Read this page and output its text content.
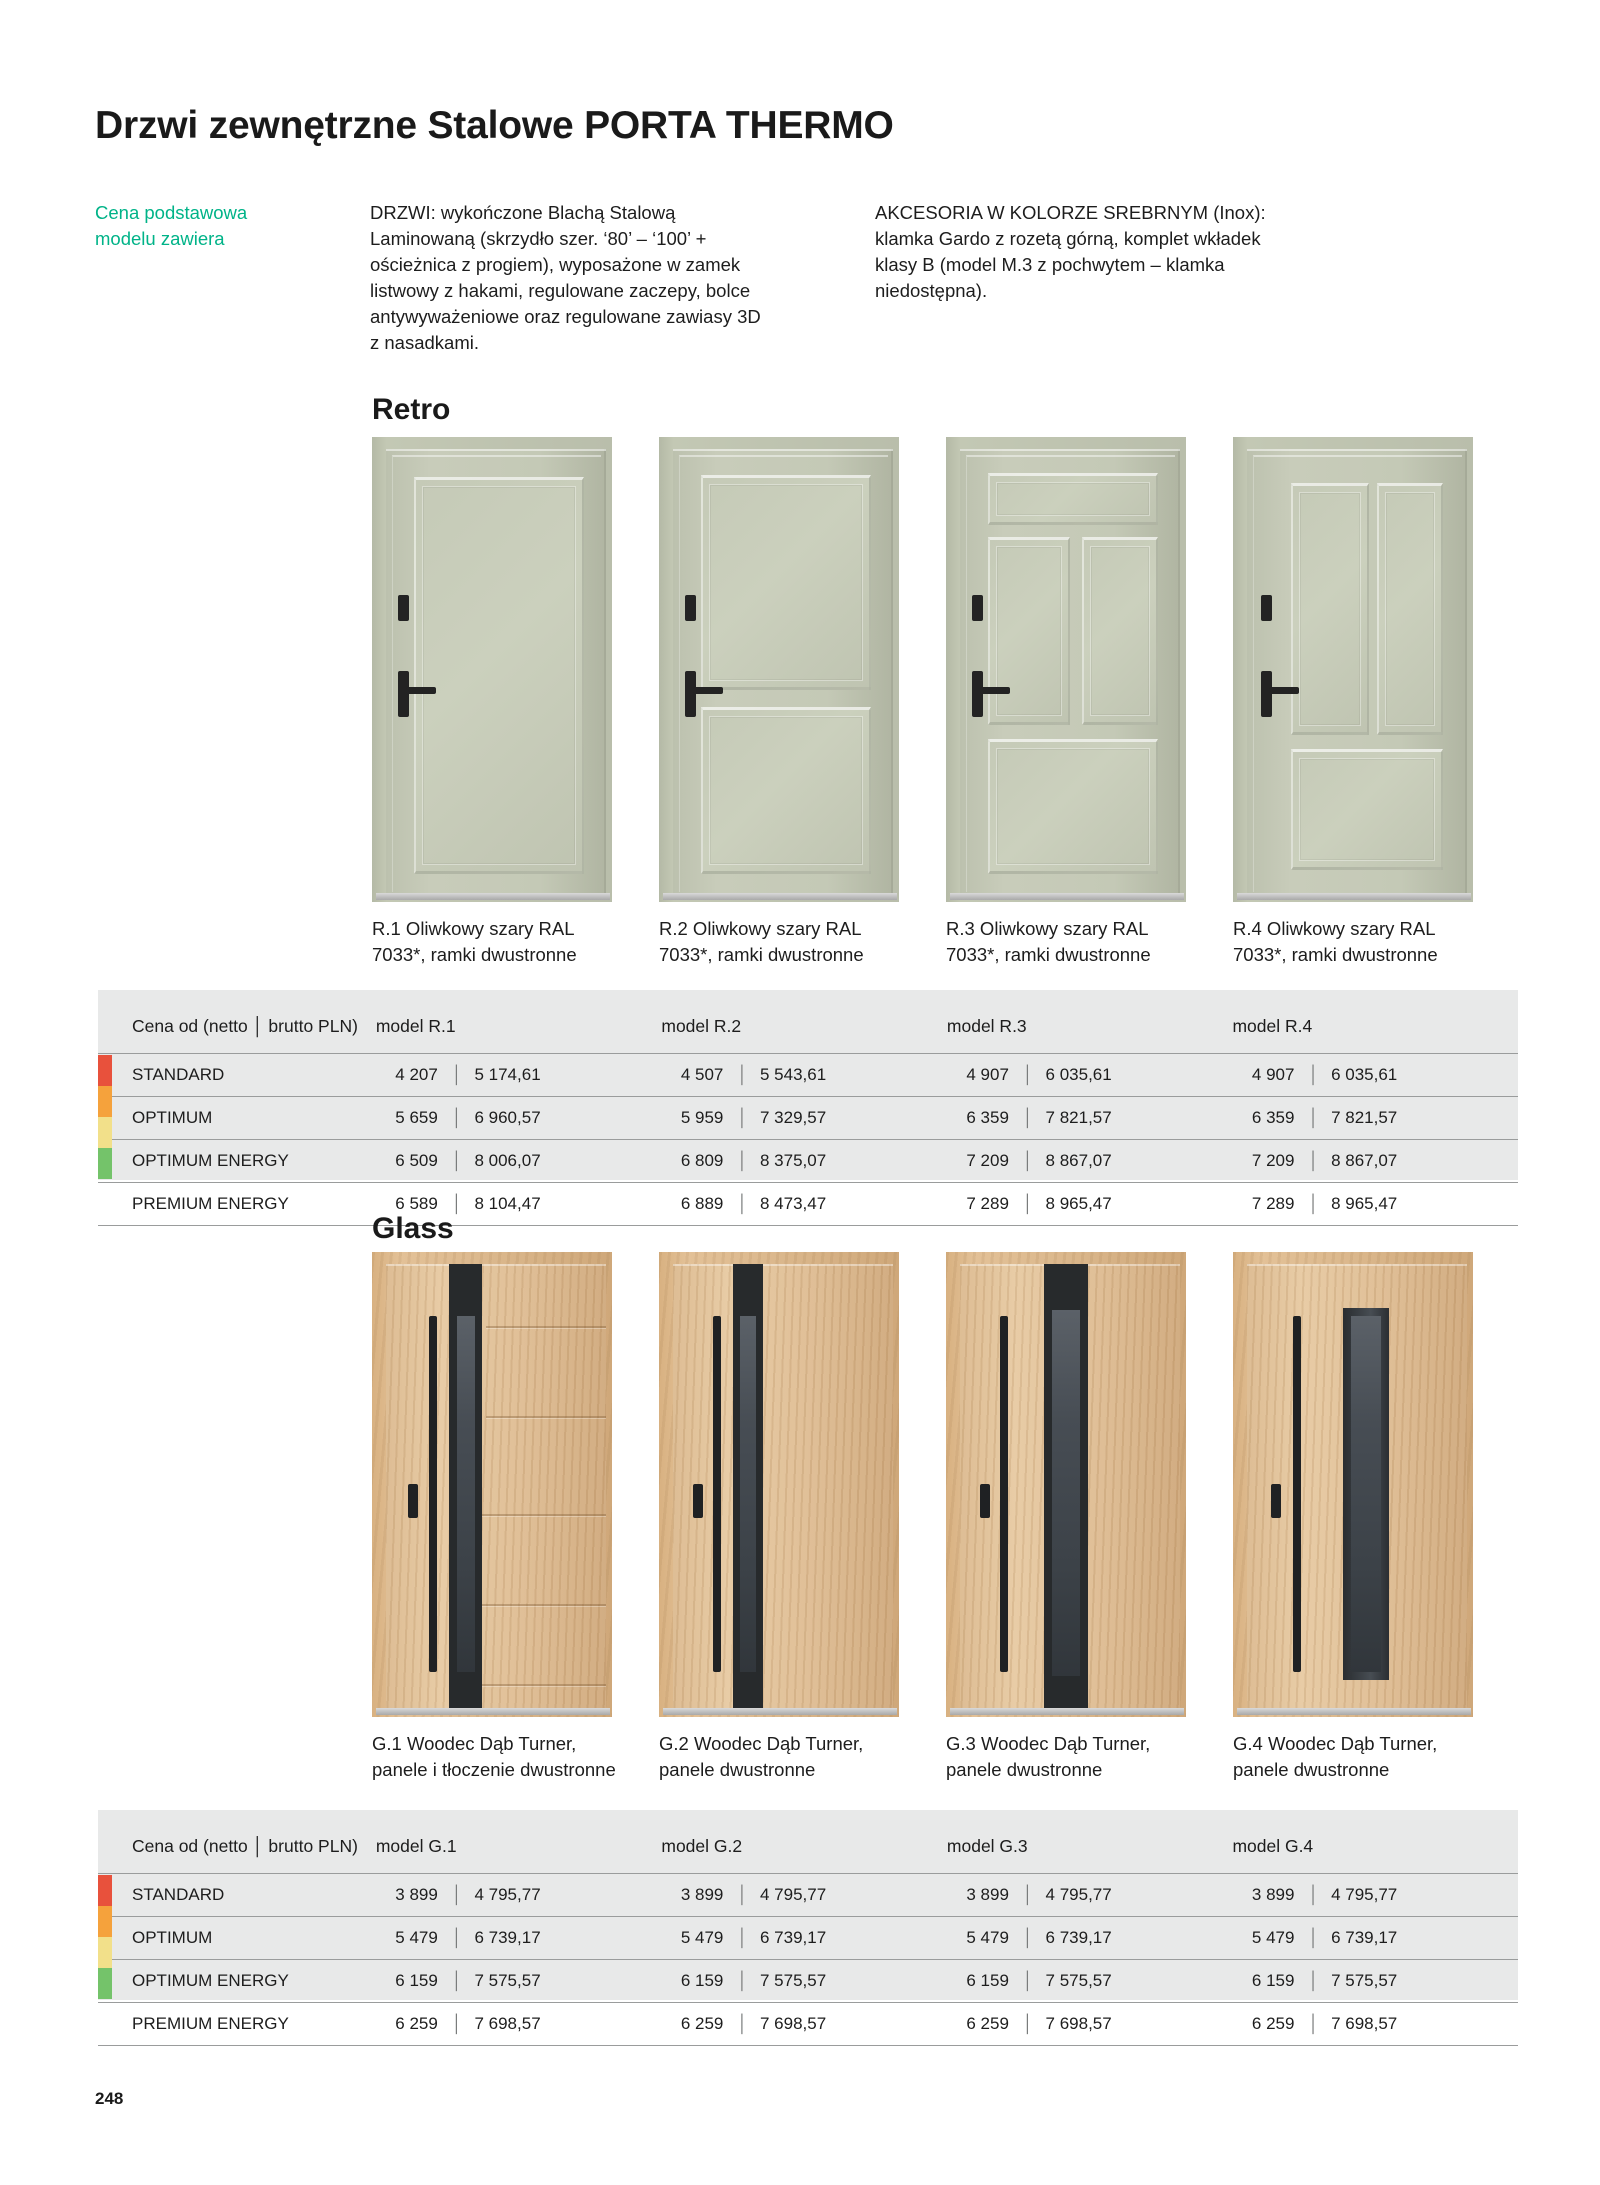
Drzwi zewnętrzne Stalowe PORTA THERMO
Cena podstawowa
modelu zawiera
DRZWI: wykończone Blachą Stalową Laminowaną (skrzydło szer. ‘80’ – ‘100’ + ościeżnica z progiem), wyposażone w zamek listwowy z hakami, regulowane zaczepy, bolce antywyważeniowe oraz regulowane zawiasy 3D z nasadkami.
AKCESORIA W KOLORZE SREBRNYM (Inox): klamka Gardo z rozetą górną, komplet wkładek klasy B (model M.3 z pochwytem – klamka niedostępna).
Retro
R.1 Oliwkowy szary RAL 7033*, ramki dwustronne
R.2 Oliwkowy szary RAL 7033*, ramki dwustronne
R.3 Oliwkowy szary RAL 7033*, ramki dwustronne
R.4 Oliwkowy szary RAL 7033*, ramki dwustronne
Cena od (netto │ brutto PLN)	model R.1	model R.2	model R.3	model R.4
STANDARD	4 207 │ 5 174,61	4 507 │ 5 543,61	4 907 │ 6 035,61	4 907 │ 6 035,61
OPTIMUM	5 659 │ 6 960,57	5 959 │ 7 329,57	6 359 │ 7 821,57	6 359 │ 7 821,57
OPTIMUM ENERGY	6 509 │ 8 006,07	6 809 │ 8 375,07	7 209 │ 8 867,07	7 209 │ 8 867,07
PREMIUM ENERGY	6 589 │ 8 104,47	6 889 │ 8 473,47	7 289 │ 8 965,47	7 289 │ 8 965,47
Glass
G.1 Woodec Dąb Turner, panele i tłoczenie dwustronne
G.2 Woodec Dąb Turner, panele dwustronne
G.3 Woodec Dąb Turner, panele dwustronne
G.4 Woodec Dąb Turner, panele dwustronne
Cena od (netto │ brutto PLN)	model G.1	model G.2	model G.3	model G.4
STANDARD	3 899 │ 4 795,77	3 899 │ 4 795,77	3 899 │ 4 795,77	3 899 │ 4 795,77
OPTIMUM	5 479 │ 6 739,17	5 479 │ 6 739,17	5 479 │ 6 739,17	5 479 │ 6 739,17
OPTIMUM ENERGY	6 159 │ 7 575,57	6 159 │ 7 575,57	6 159 │ 7 575,57	6 159 │ 7 575,57
PREMIUM ENERGY	6 259 │ 7 698,57	6 259 │ 7 698,57	6 259 │ 7 698,57	6 259 │ 7 698,57
248
